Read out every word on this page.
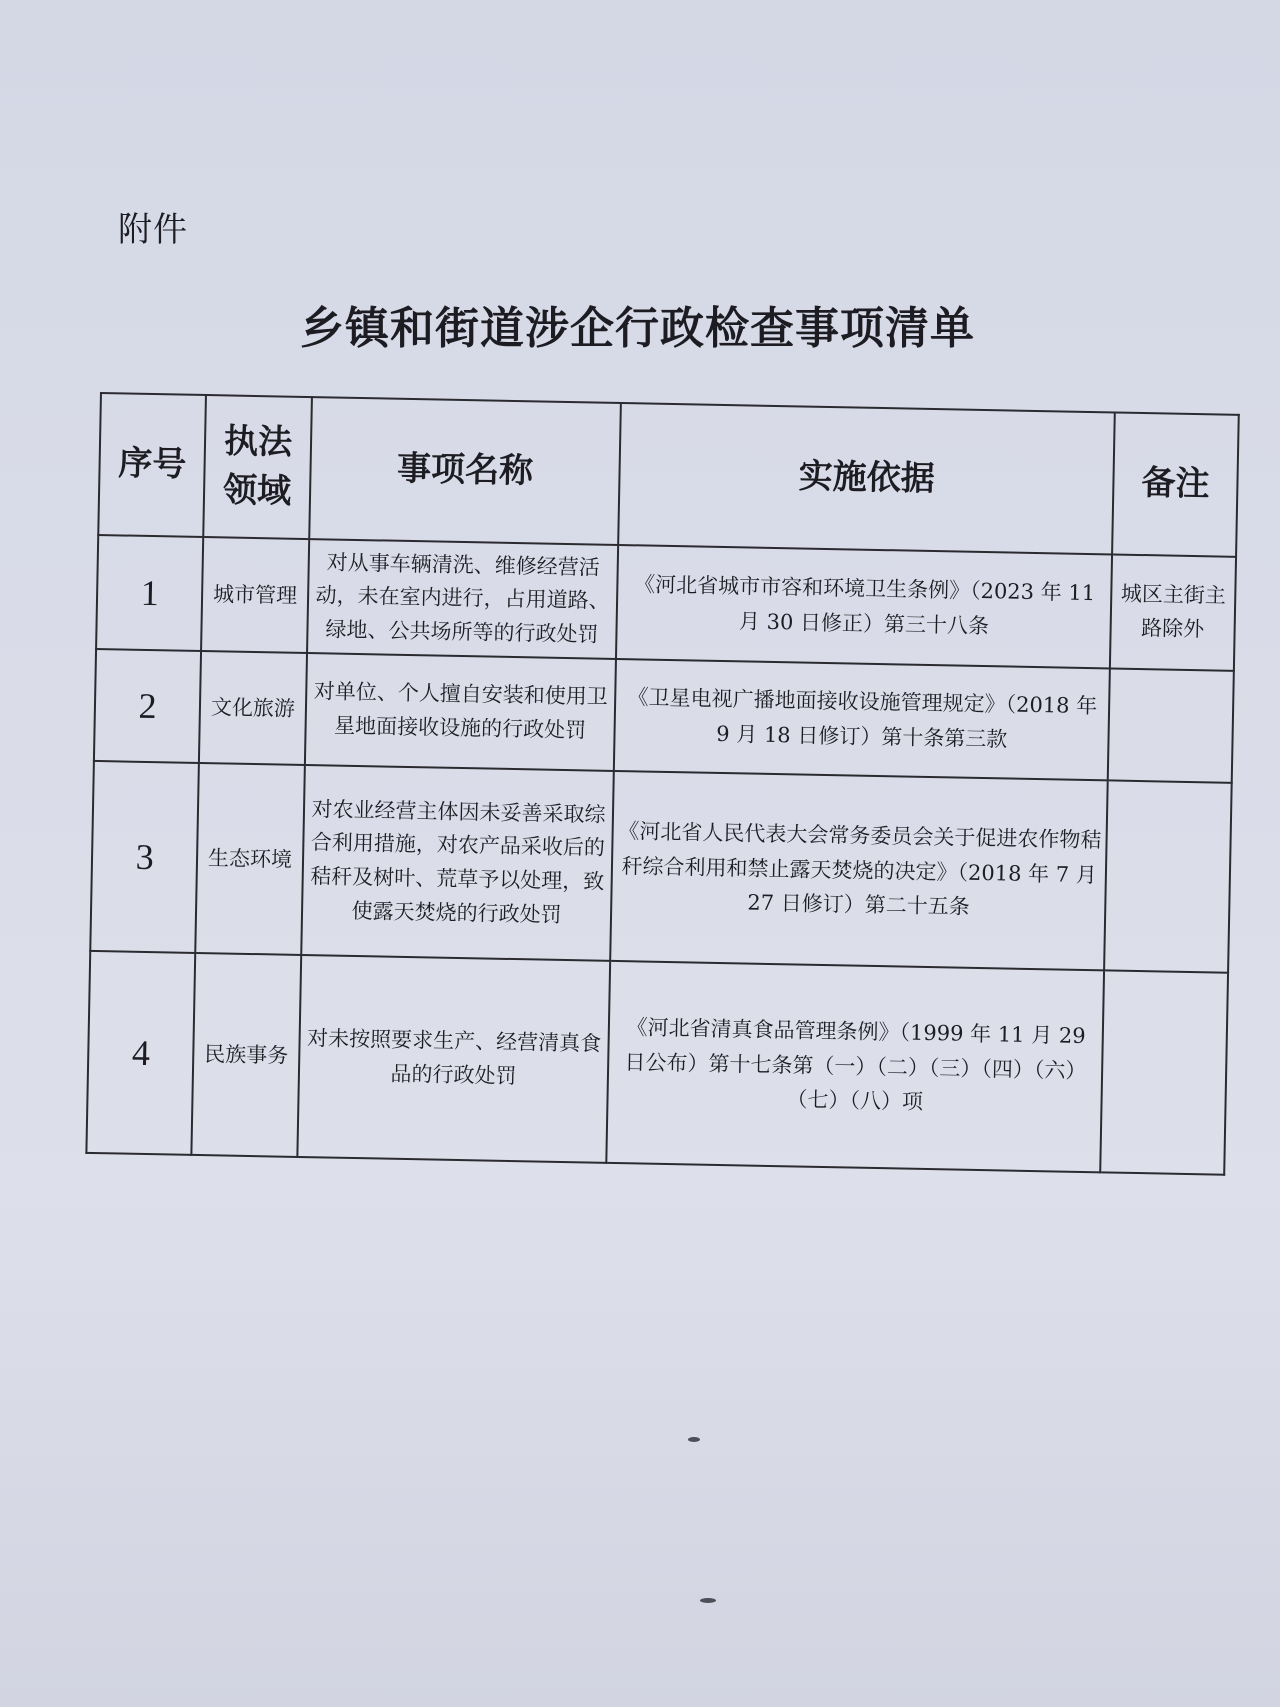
附件
乡镇和街道涉企行政检查事项清单
序号	执法领域	事项名称	实施依据	备注
1	城市管理	对从事车辆清洗、维修经营活动，未在室内进行，占用道路、绿地、公共场所等的行政处罚	《河北省城市市容和环境卫生条例》（2023 年 11 月 30 日修正）第三十八条	城区主街主路除外
2	文化旅游	对单位、个人擅自安装和使用卫星地面接收设施的行政处罚	《卫星电视广播地面接收设施管理规定》（2018 年 9 月 18 日修订）第十条第三款	
3	生态环境	对农业经营主体因未妥善采取综合利用措施，对农产品采收后的秸秆及树叶、荒草予以处理，致使露天焚烧的行政处罚	《河北省人民代表大会常务委员会关于促进农作物秸秆综合利用和禁止露天焚烧的决定》（2018 年 7 月 27 日修订）第二十五条	
4	民族事务	对未按照要求生产、经营清真食品的行政处罚	《河北省清真食品管理条例》（1999 年 11 月 29 日公布）第十七条第（一）（二）（三）（四）（六）（七）（八）项	
